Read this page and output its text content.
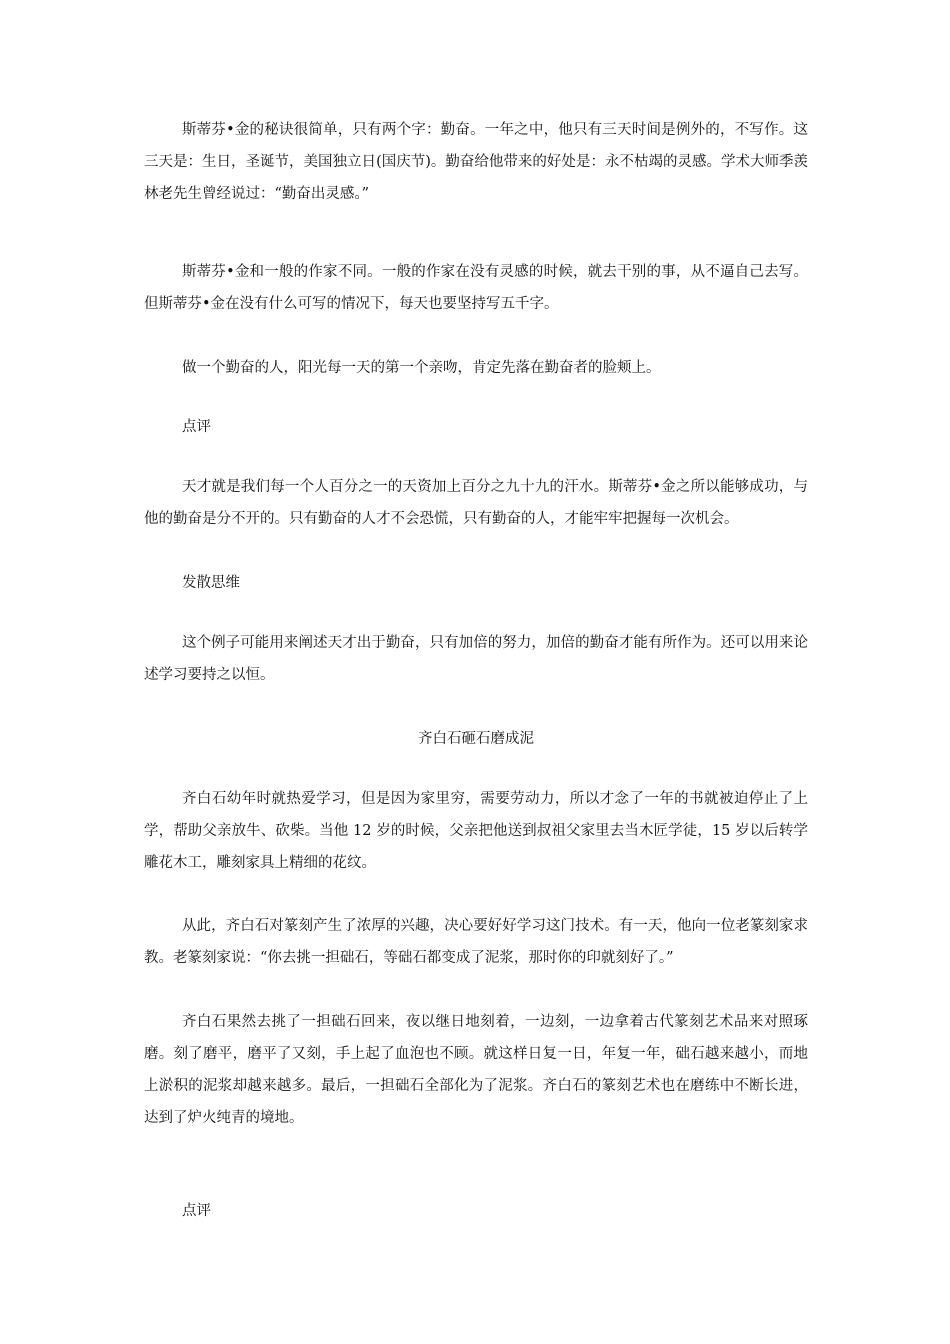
斯蒂芬•金的秘诀很简单，只有两个字：勤奋。一年之中，他只有三天时间是例外的，不写作。这三天是：生日，圣诞节，美国独立日(国庆节)。勤奋给他带来的好处是：永不枯竭的灵感。学术大师季羡林老先生曾经说过：“勤奋出灵感。”

斯蒂芬•金和一般的作家不同。一般的作家在没有灵感的时候，就去干别的事，从不逼自己去写。但斯蒂芬•金在没有什么可写的情况下，每天也要坚持写五千字。

做一个勤奋的人，阳光每一天的第一个亲吻，肯定先落在勤奋者的脸颊上。

点评

天才就是我们每一个人百分之一的天资加上百分之九十九的汗水。斯蒂芬•金之所以能够成功，与他的勤奋是分不开的。只有勤奋的人才不会恐慌，只有勤奋的人，才能牢牢把握每一次机会。

发散思维

这个例子可能用来阐述天才出于勤奋，只有加倍的努力，加倍的勤奋才能有所作为。还可以用来论述学习要持之以恒。

齐白石砸石磨成泥

齐白石幼年时就热爱学习，但是因为家里穷，需要劳动力，所以才念了一年的书就被迫停止了上学，帮助父亲放牛、砍柴。当他 12 岁的时候，父亲把他送到叔祖父家里去当木匠学徒，15 岁以后转学雕花木工，雕刻家具上精细的花纹。

从此，齐白石对篆刻产生了浓厚的兴趣，决心要好好学习这门技术。有一天，他向一位老篆刻家求教。老篆刻家说：“你去挑一担础石，等础石都变成了泥浆，那时你的印就刻好了。”

齐白石果然去挑了一担础石回来，夜以继日地刻着，一边刻，一边拿着古代篆刻艺术品来对照琢磨。刻了磨平，磨平了又刻，手上起了血泡也不顾。就这样日复一日，年复一年，础石越来越小，而地上淤积的泥浆却越来越多。最后，一担础石全部化为了泥浆。齐白石的篆刻艺术也在磨练中不断长进，达到了炉火纯青的境地。

点评
